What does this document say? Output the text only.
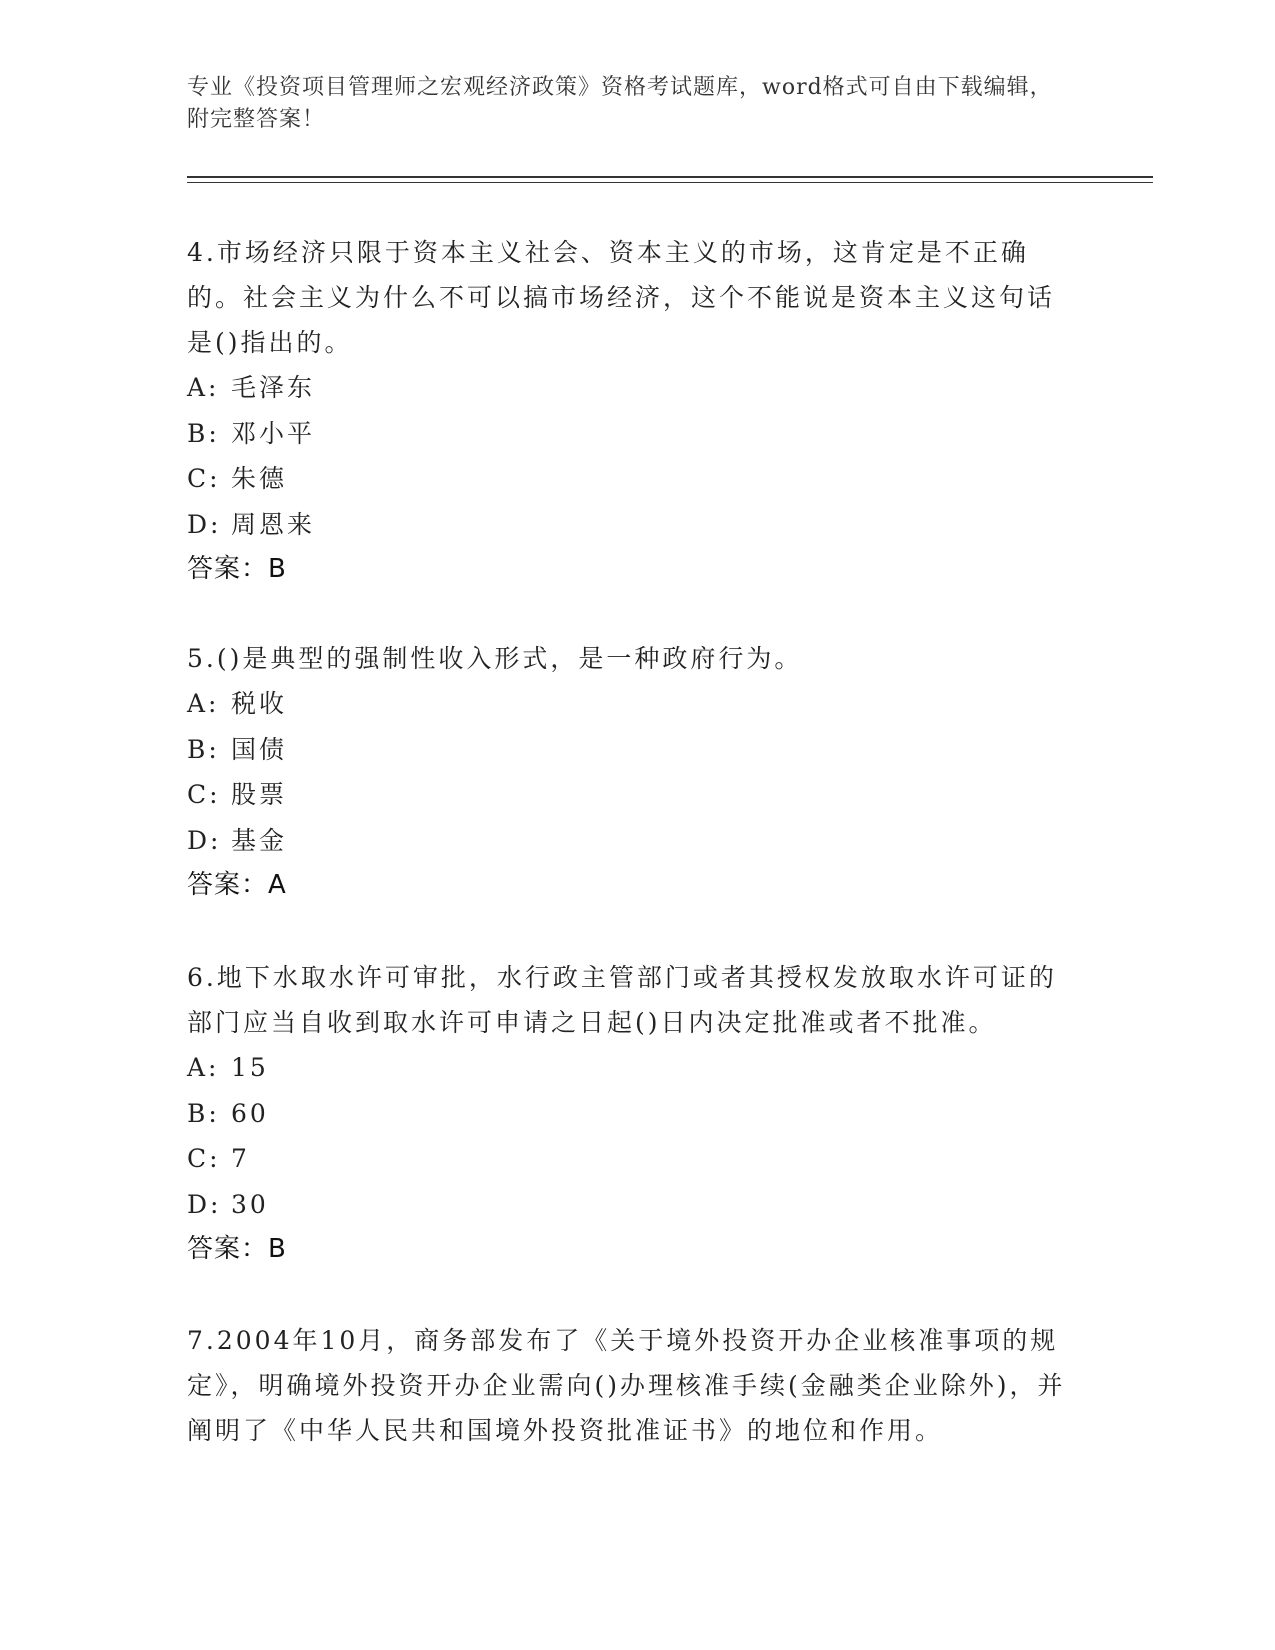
专业《投资项目管理师之宏观经济政策》资格考试题库，word格式可自由下载编辑，附完整答案！

4.市场经济只限于资本主义社会、资本主义的市场，这肯定是不正确的。社会主义为什么不可以搞市场经济，这个不能说是资本主义这句话是()指出的。

A: 毛泽东
B: 邓小平
C: 朱德
D: 周恩来
答案：B

5.()是典型的强制性收入形式，是一种政府行为。

A: 税收
B: 国债
C: 股票
D: 基金
答案：A

6.地下水取水许可审批，水行政主管部门或者其授权发放取水许可证的部门应当自收到取水许可申请之日起()日内决定批准或者不批准。

A: 15
B: 60
C: 7
D: 30
答案：B

7.2004年10月，商务部发布了《关于境外投资开办企业核准事项的规定》，明确境外投资开办企业需向()办理核准手续(金融类企业除外)，并阐明了《中华人民共和国境外投资批准证书》的地位和作用。
